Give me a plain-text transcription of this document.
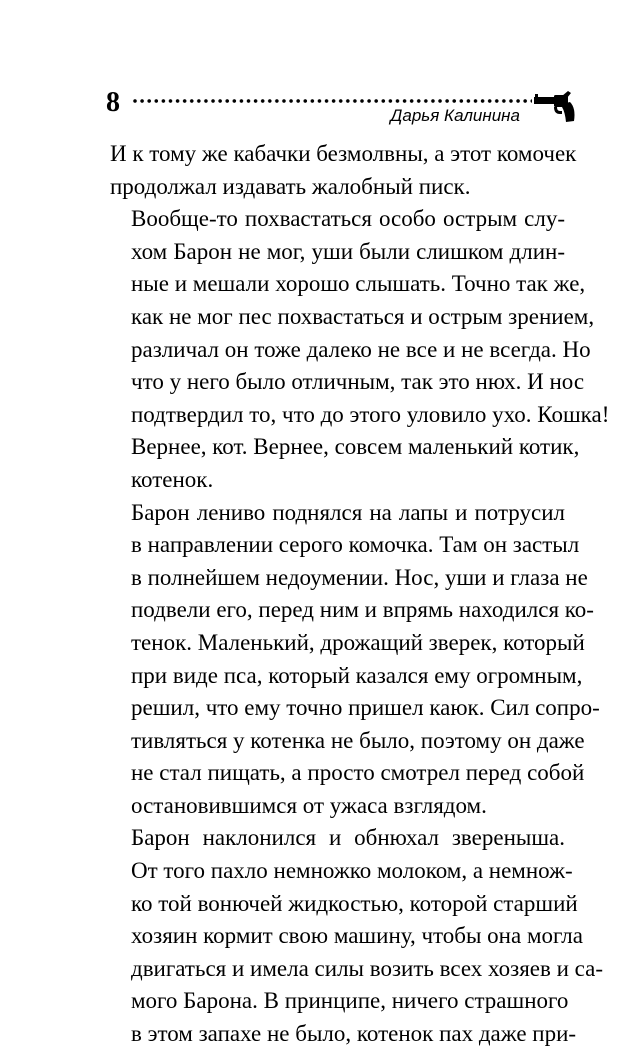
8	Дарья Калинина

И к тому же кабачки безмолвны, а этот комочек
продолжал издавать жалобный писк.

Вообще-то похвастаться особо острым слу-
хом Барон не мог, уши были слишком длин-
ные и мешали хорошо слышать. Точно так же,
как не мог пес похвастаться и острым зрением,
различал он тоже далеко не все и не всегда. Но
что у него было отличным, так это нюх. И нос
подтвердил то, что до этого уловило ухо. Кошка!
Вернее, кот. Вернее, совсем маленький котик,
котенок.

Барон лениво поднялся на лапы и потрусил
в направлении серого комочка. Там он застыл
в полнейшем недоумении. Нос, уши и глаза не
подвели его, перед ним и впрямь находился ко-
тенок. Маленький, дрожащий зверек, который
при виде пса, который казался ему огромным,
решил, что ему точно пришел каюк. Сил сопро-
тивляться у котенка не было, поэтому он даже
не стал пищать, а просто смотрел перед собой
остановившимся от ужаса взглядом.

Барон наклонился и обнюхал звереныша.
От того пахло немножко молоком, а немнож-
ко той вонючей жидкостью, которой старший
хозяин кормит свою машину, чтобы она могла
двигаться и имела силы возить всех хозяев и са-
мого Барона. В принципе, ничего страшного
в этом запахе не было, котенок пах даже при-
